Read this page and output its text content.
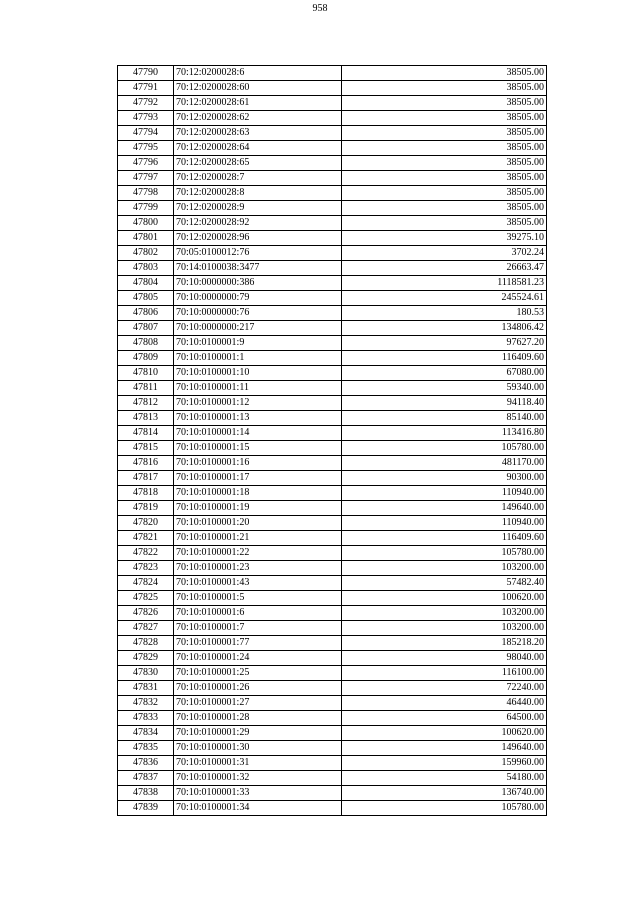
958
47790	70:12:0200028:6	38505.00
47791	70:12:0200028:60	38505.00
47792	70:12:0200028:61	38505.00
47793	70:12:0200028:62	38505.00
47794	70:12:0200028:63	38505.00
47795	70:12:0200028:64	38505.00
47796	70:12:0200028:65	38505.00
47797	70:12:0200028:7	38505.00
47798	70:12:0200028:8	38505.00
47799	70:12:0200028:9	38505.00
47800	70:12:0200028:92	38505.00
47801	70:12:0200028:96	39275.10
47802	70:05:0100012:76	3702.24
47803	70:14:0100038:3477	26663.47
47804	70:10:0000000:386	1118581.23
47805	70:10:0000000:79	245524.61
47806	70:10:0000000:76	180.53
47807	70:10:0000000:217	134806.42
47808	70:10:0100001:9	97627.20
47809	70:10:0100001:1	116409.60
47810	70:10:0100001:10	67080.00
47811	70:10:0100001:11	59340.00
47812	70:10:0100001:12	94118.40
47813	70:10:0100001:13	85140.00
47814	70:10:0100001:14	113416.80
47815	70:10:0100001:15	105780.00
47816	70:10:0100001:16	481170.00
47817	70:10:0100001:17	90300.00
47818	70:10:0100001:18	110940.00
47819	70:10:0100001:19	149640.00
47820	70:10:0100001:20	110940.00
47821	70:10:0100001:21	116409.60
47822	70:10:0100001:22	105780.00
47823	70:10:0100001:23	103200.00
47824	70:10:0100001:43	57482.40
47825	70:10:0100001:5	100620.00
47826	70:10:0100001:6	103200.00
47827	70:10:0100001:7	103200.00
47828	70:10:0100001:77	185218.20
47829	70:10:0100001:24	98040.00
47830	70:10:0100001:25	116100.00
47831	70:10:0100001:26	72240.00
47832	70:10:0100001:27	46440.00
47833	70:10:0100001:28	64500.00
47834	70:10:0100001:29	100620.00
47835	70:10:0100001:30	149640.00
47836	70:10:0100001:31	159960.00
47837	70:10:0100001:32	54180.00
47838	70:10:0100001:33	136740.00
47839	70:10:0100001:34	105780.00
